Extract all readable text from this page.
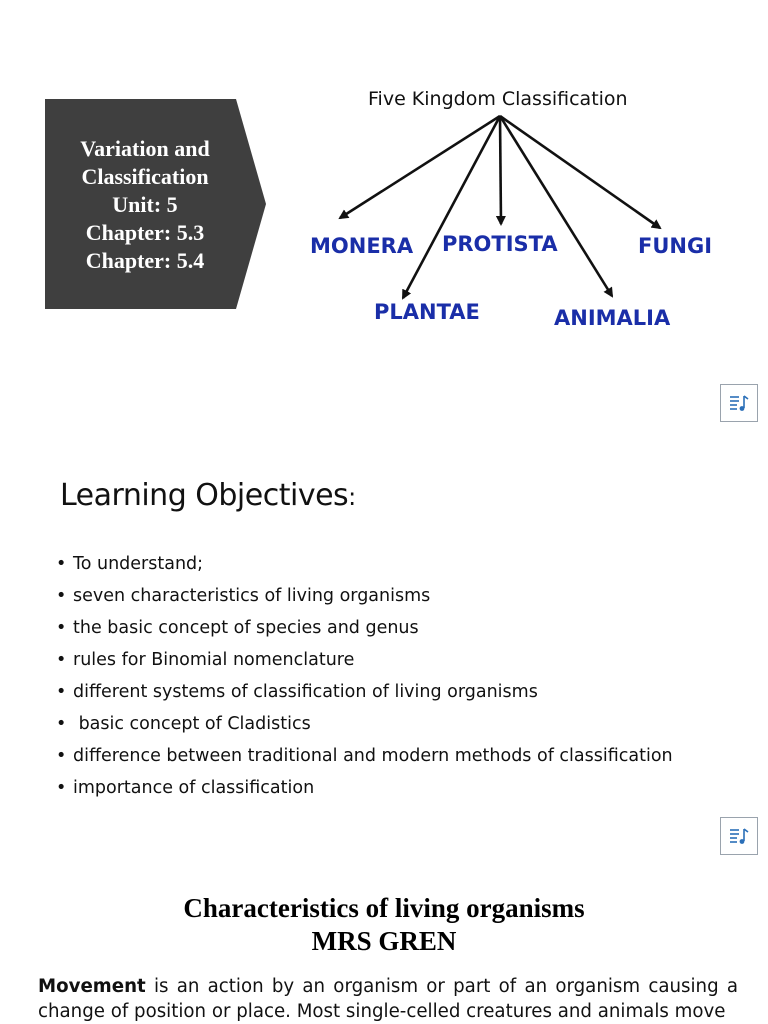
Variation and
Classification
Unit: 5
Chapter: 5.3
Chapter: 5.4
Five Kingdom Classification
MONERA PROTISTA	FUNGI
PLANTAE	ANIMALIA
Learning Objectives:
• To understand;
• seven characteristics of living organisms
• the basic concept of species and genus
• rules for Binomial nomenclature
• different systems of classification of living organisms
• basic concept of Cladistics
• difference between traditional and modern methods of classification
• importance of classification
Characteristics of living organisms
MRS GREN

Movement is an action by an organism or part of an organism causing a change of position or place. Most single-celled creatures and animals move
